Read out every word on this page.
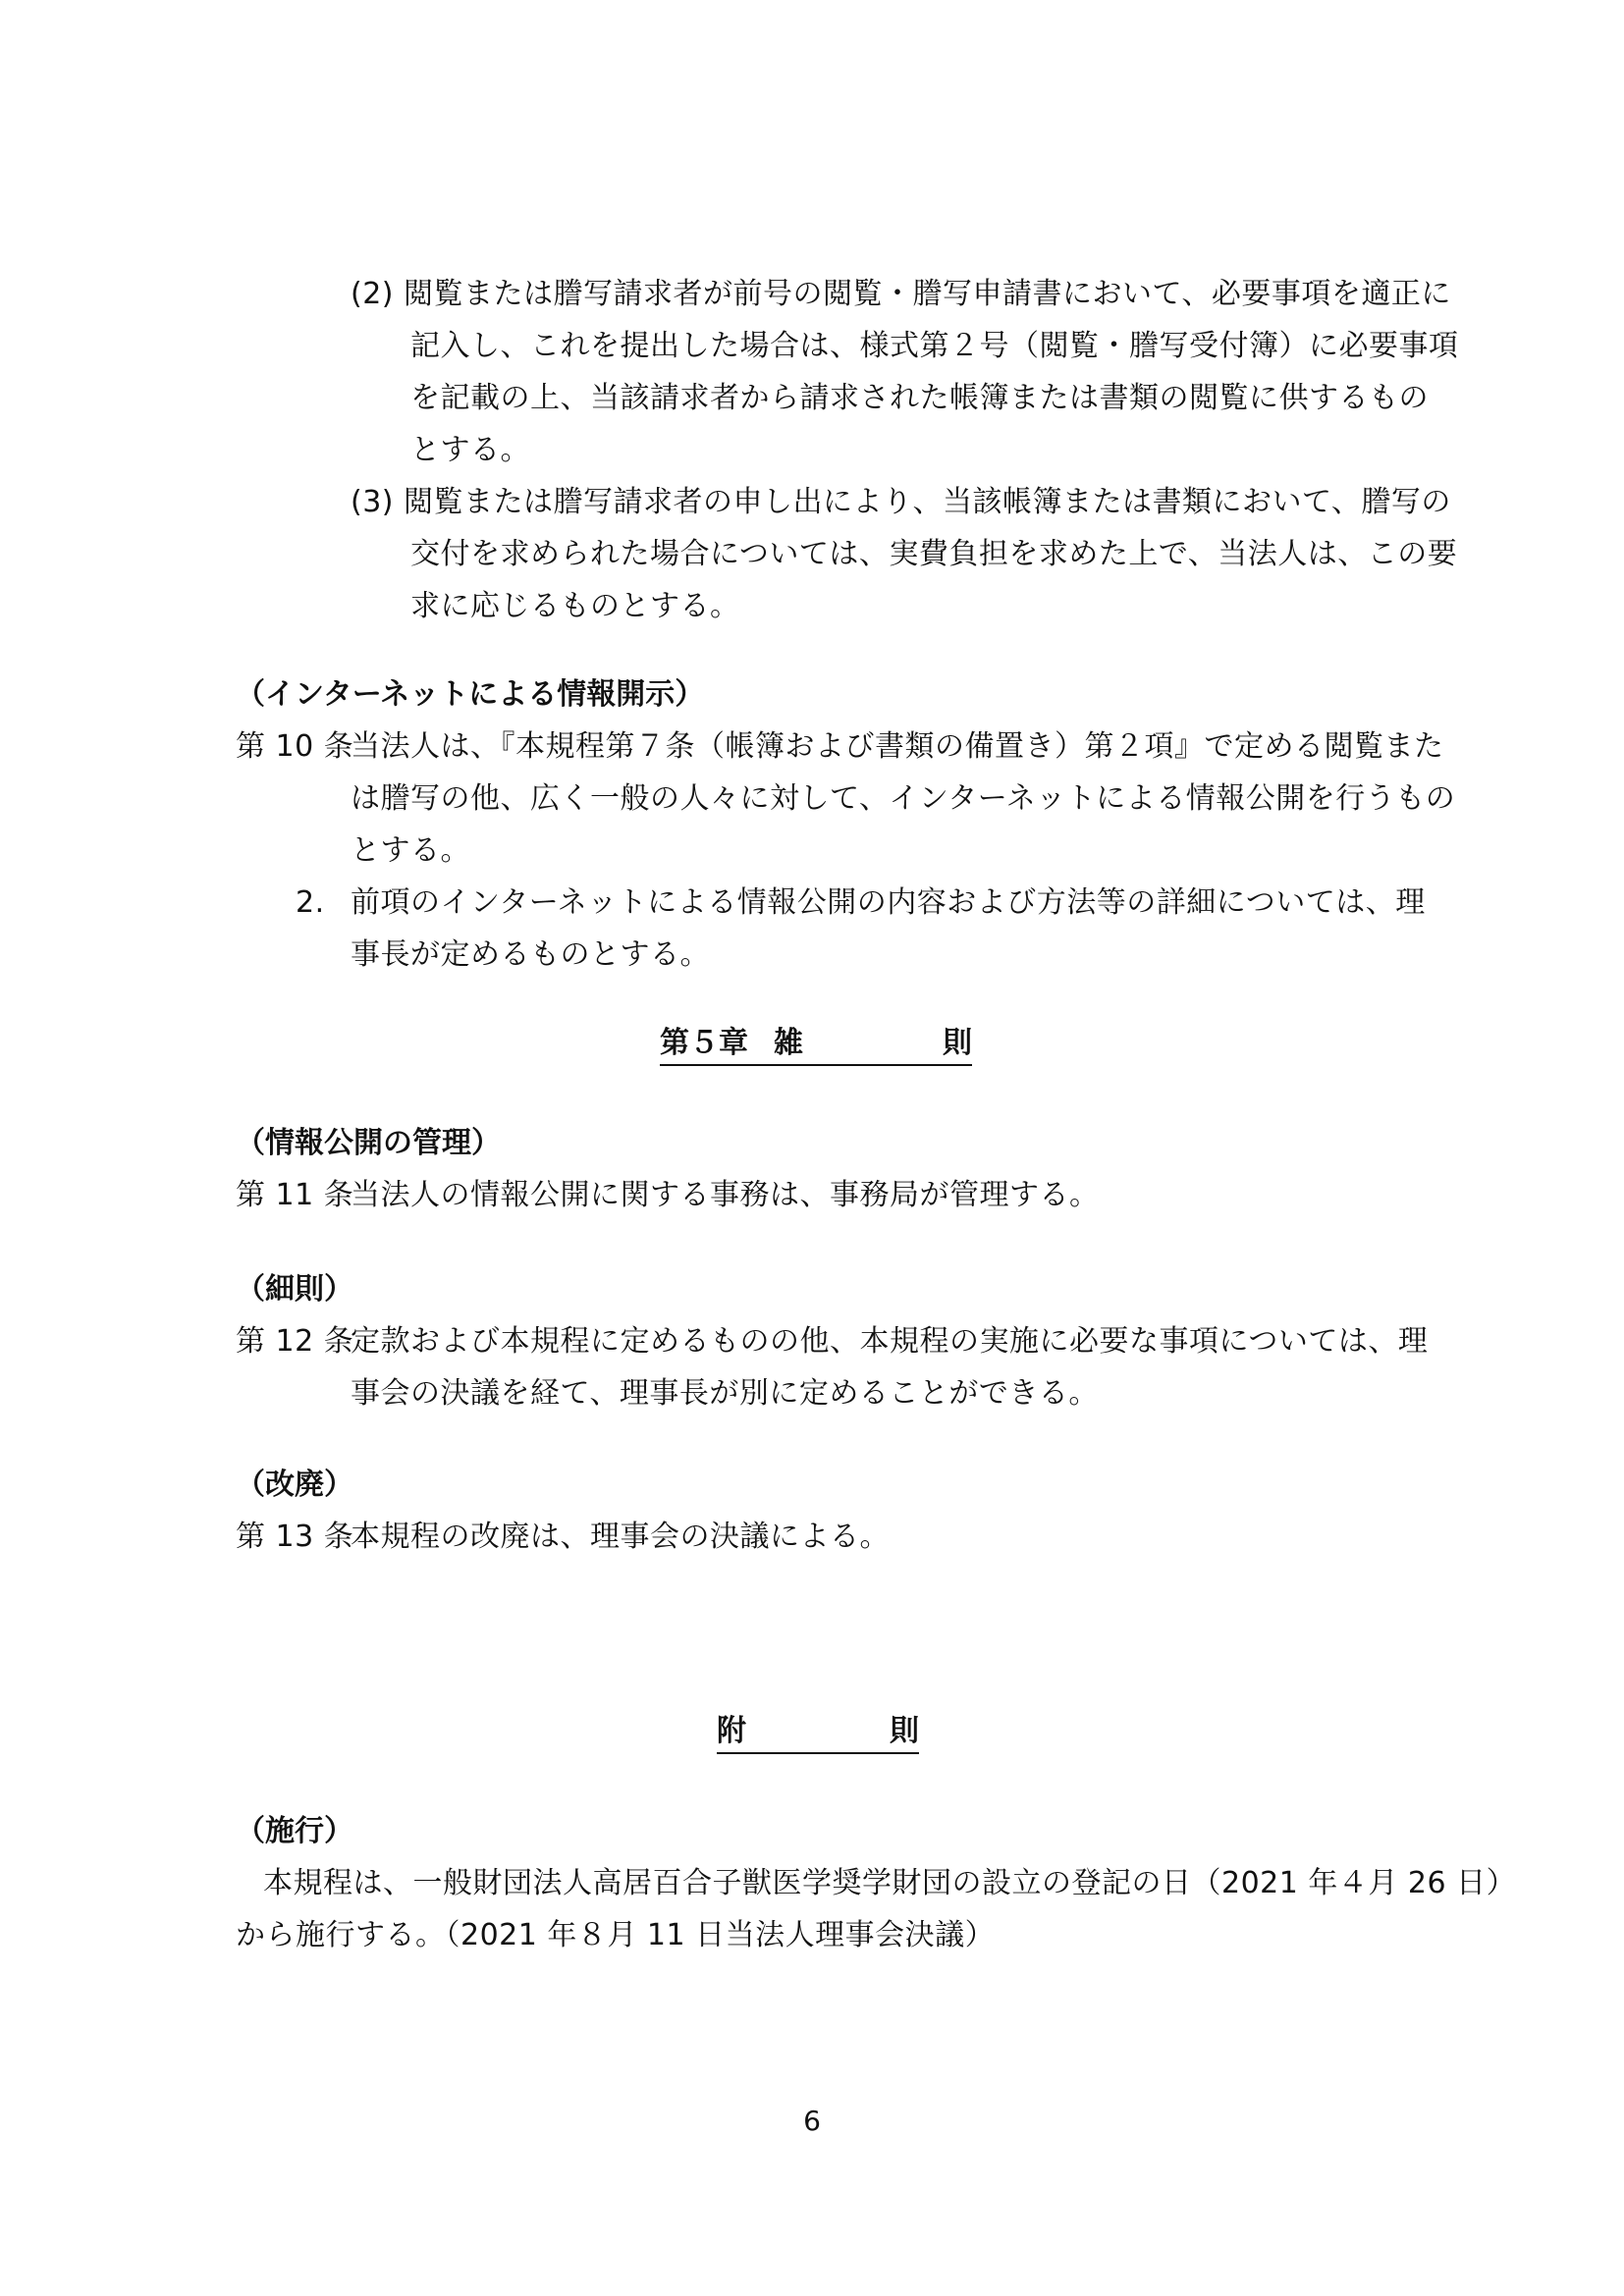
(2) 閲覧または謄写請求者が前号の閲覧・謄写申請書において、必要事項を適正に
記入し、これを提出した場合は、様式第２号（閲覧・謄写受付簿）に必要事項
を記載の上、当該請求者から請求された帳簿または書類の閲覧に供するもの
とする。
(3) 閲覧または謄写請求者の申し出により、当該帳簿または書類において、謄写の
交付を求められた場合については、実費負担を求めた上で、当法人は、この要
求に応じるものとする。
（インターネットによる情報開示）
第 10 条当法人は、『本規程第７条（帳簿および書類の備置き）第２項』で定める閲覧また
は謄写の他、広く一般の人々に対して、インターネットによる情報公開を行うもの
とする。
2. 前項のインターネットによる情報公開の内容および方法等の詳細については、理
事長が定めるものとする。
第５章 雑	則
（情報公開の管理）
第 11 条当法人の情報公開に関する事務は、事務局が管理する。
（細則）
第 12 条定款および本規程に定めるものの他、本規程の実施に必要な事項については、理
事会の決議を経て、理事長が別に定めることができる。
（改廃）
第 13 条本規程の改廃は、理事会の決議による。
附	則
（施行）
本規程は、一般財団法人高居百合子獣医学奨学財団の設立の登記の日（2021 年４月 26 日）
から施行する。（2021 年８月 11 日当法人理事会決議）
6
